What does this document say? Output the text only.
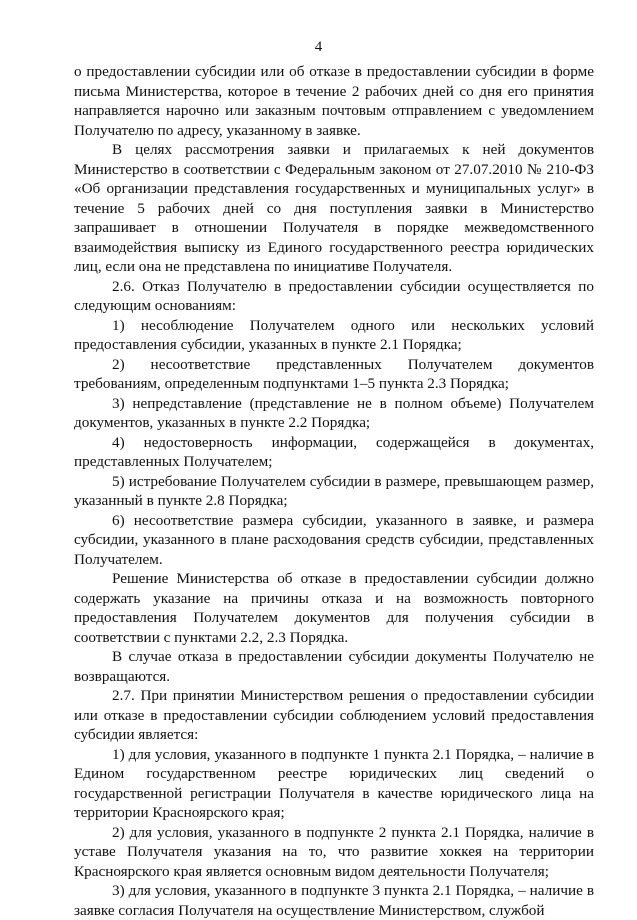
4

о предоставлении субсидии или об отказе в предоставлении субсидии в форме письма Министерства, которое в течение 2 рабочих дней со дня его принятия направляется нарочно или заказным почтовым отправлением с уведомлением Получателю по адресу, указанному в заявке.

В целях рассмотрения заявки и прилагаемых к ней документов Министерство в соответствии с Федеральным законом от 27.07.2010 № 210-ФЗ «Об организации представления государственных и муниципальных услуг» в течение 5 рабочих дней со дня поступления заявки в Министерство запрашивает в отношении Получателя в порядке межведомственного взаимодействия выписку из Единого государственного реестра юридических лиц, если она не представлена по инициативе Получателя.

2.6. Отказ Получателю в предоставлении субсидии осуществляется по следующим основаниям:

1) несоблюдение Получателем одного или нескольких условий предоставления субсидии, указанных в пункте 2.1 Порядка;

2) несоответствие представленных Получателем документов требованиям, определенным подпунктами 1–5 пункта 2.3 Порядка;

3) непредставление (представление не в полном объеме) Получателем документов, указанных в пункте 2.2 Порядка;

4) недостоверность информации, содержащейся в документах, представленных Получателем;

5) истребование Получателем субсидии в размере, превышающем размер, указанный в пункте 2.8 Порядка;

6) несоответствие размера субсидии, указанного в заявке, и размера субсидии, указанного в плане расходования средств субсидии, представленных Получателем.

Решение Министерства об отказе в предоставлении субсидии должно содержать указание на причины отказа и на возможность повторного предоставления Получателем документов для получения субсидии в соответствии с пунктами 2.2, 2.3 Порядка.

В случае отказа в предоставлении субсидии документы Получателю не возвращаются.

2.7. При принятии Министерством решения о предоставлении субсидии или отказе в предоставлении субсидии соблюдением условий предоставления субсидии является:

1) для условия, указанного в подпункте 1 пункта 2.1 Порядка, – наличие в Едином государственном реестре юридических лиц сведений о государственной регистрации Получателя в качестве юридического лица на территории Красноярского края;

2) для условия, указанного в подпункте 2 пункта 2.1 Порядка, наличие в уставе Получателя указания на то, что развитие хоккея на территории Красноярского края является основным видом деятельности Получателя;

3) для условия, указанного в подпункте 3 пункта 2.1 Порядка, – наличие в заявке согласия Получателя на осуществление Министерством, службой
